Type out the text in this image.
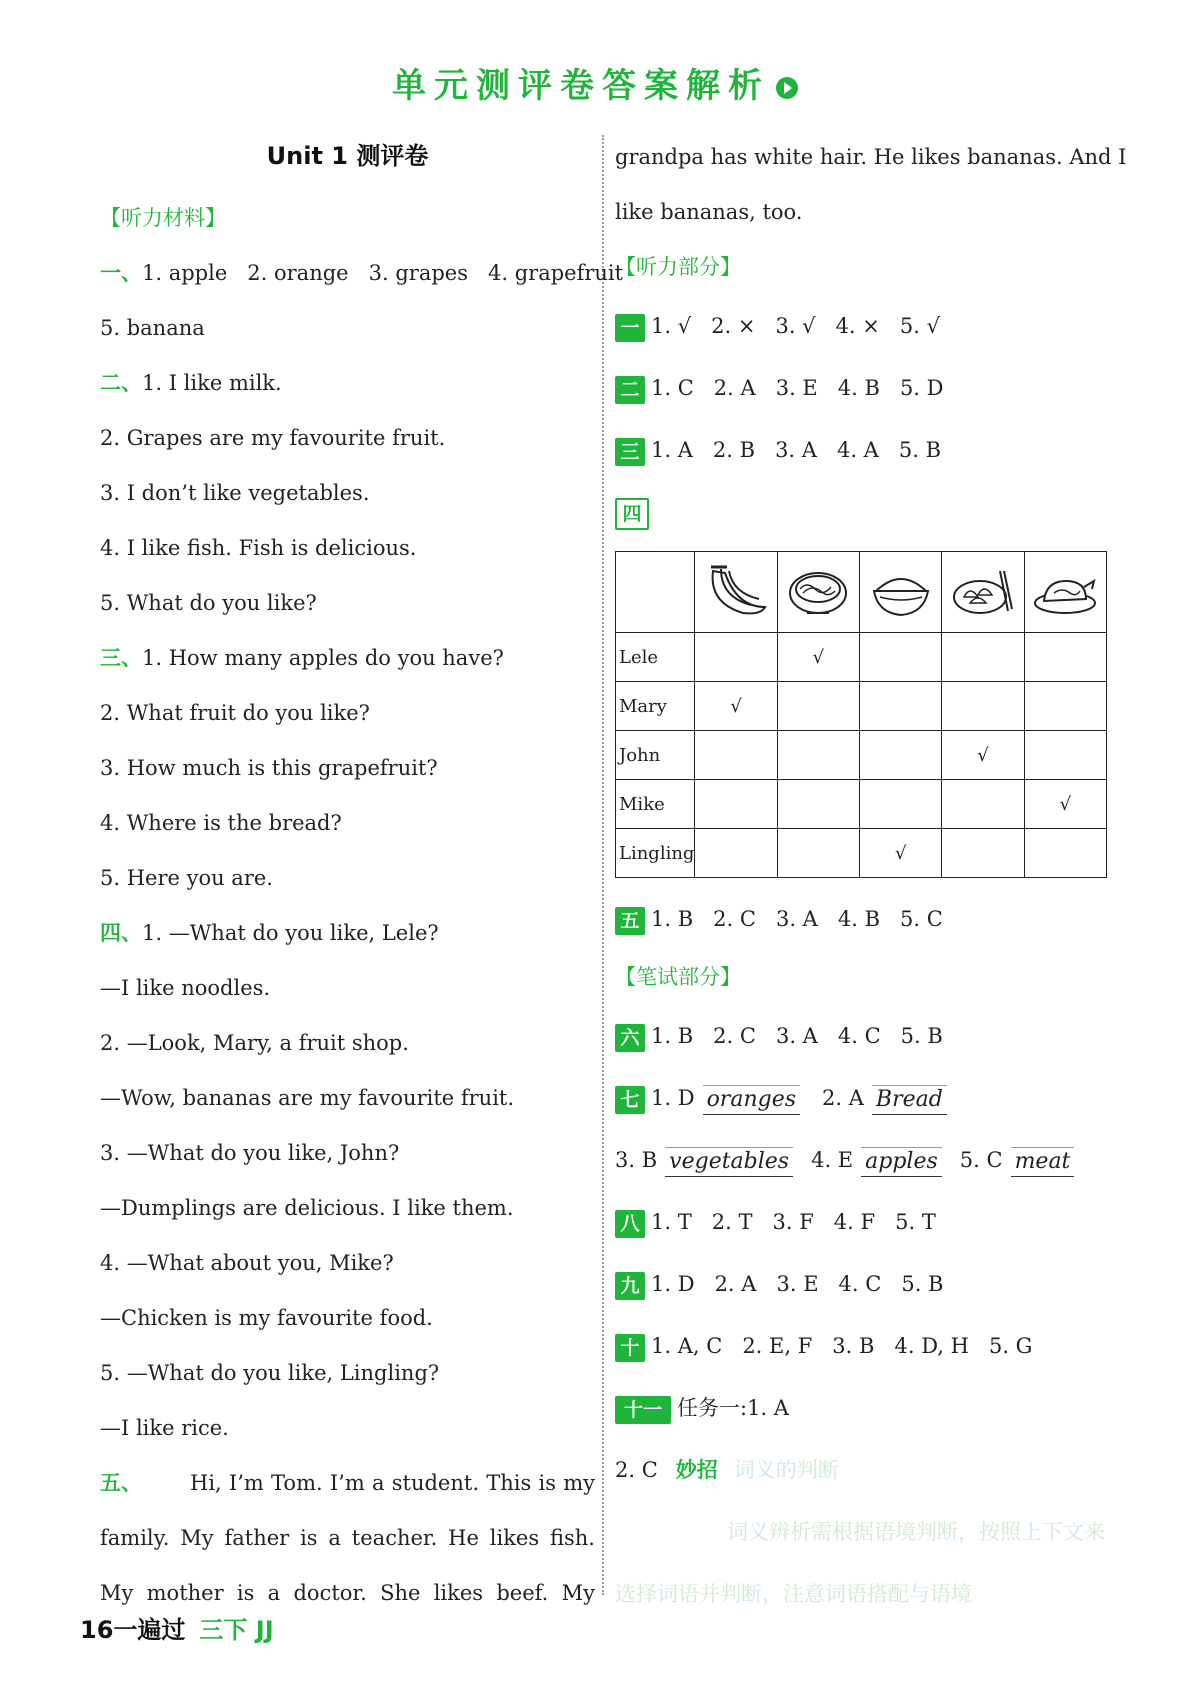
单元测评卷答案解析
Unit 1 测评卷
【听力材料】
一、1. apple   2. orange   3. grapes   4. grapefruit
5. banana
二、1. I like milk.
2. Grapes are my favourite fruit.
3. I don’t like vegetables.
4. I like fish. Fish is delicious.
5. What do you like?
三、1. How many apples do you have?
2. What fruit do you like?
3. How much is this grapefruit?
4. Where is the bread?
5. Here you are.
四、1. —What do you like, Lele?
—I like noodles.
2. —Look, Mary, a fruit shop.
—Wow, bananas are my favourite fruit.
3. —What do you like, John?
—Dumplings are delicious. I like them.
4. —What about you, Mike?
—Chicken is my favourite food.
5. —What do you like, Lingling?
—I like rice.
五、	Hi, I’m Tom. I’m a student. This is my
family. My father is a teacher. He likes fish.
My mother is a doctor. She likes beef. My
grandpa has white hair. He likes bananas. And I
like bananas, too.
【听力部分】
一 1. √   2. ×   3. √   4. ×   5. √
二 1. C   2. A   3. E   4. B   5. D
三 1. A   2. B   3. A   4. A   5. B
四

Lele		√			
Mary	√				
John				√	
Mike					√
Lingling			√		
五 1. B   2. C   3. A   4. B   5. C
【笔试部分】
六 1. B   2. C   3. A   4. C   5. B
七 1. D oranges 2. A Bread
3. B vegetables 4. E apples 5. C meat
八 1. T   2. T   3. F   4. F   5. T
九 1. D   2. A   3. E   4. C   5. B
十 1. A, C   2. E, F   3. B   4. D, H   5. G
十一 任务一:1. A
2. C 妙招 词义的判断
词义辨析需根据语境判断，按照上下文来
选择词语并判断，注意词语搭配与语境
16一遍过 三下 JJ
